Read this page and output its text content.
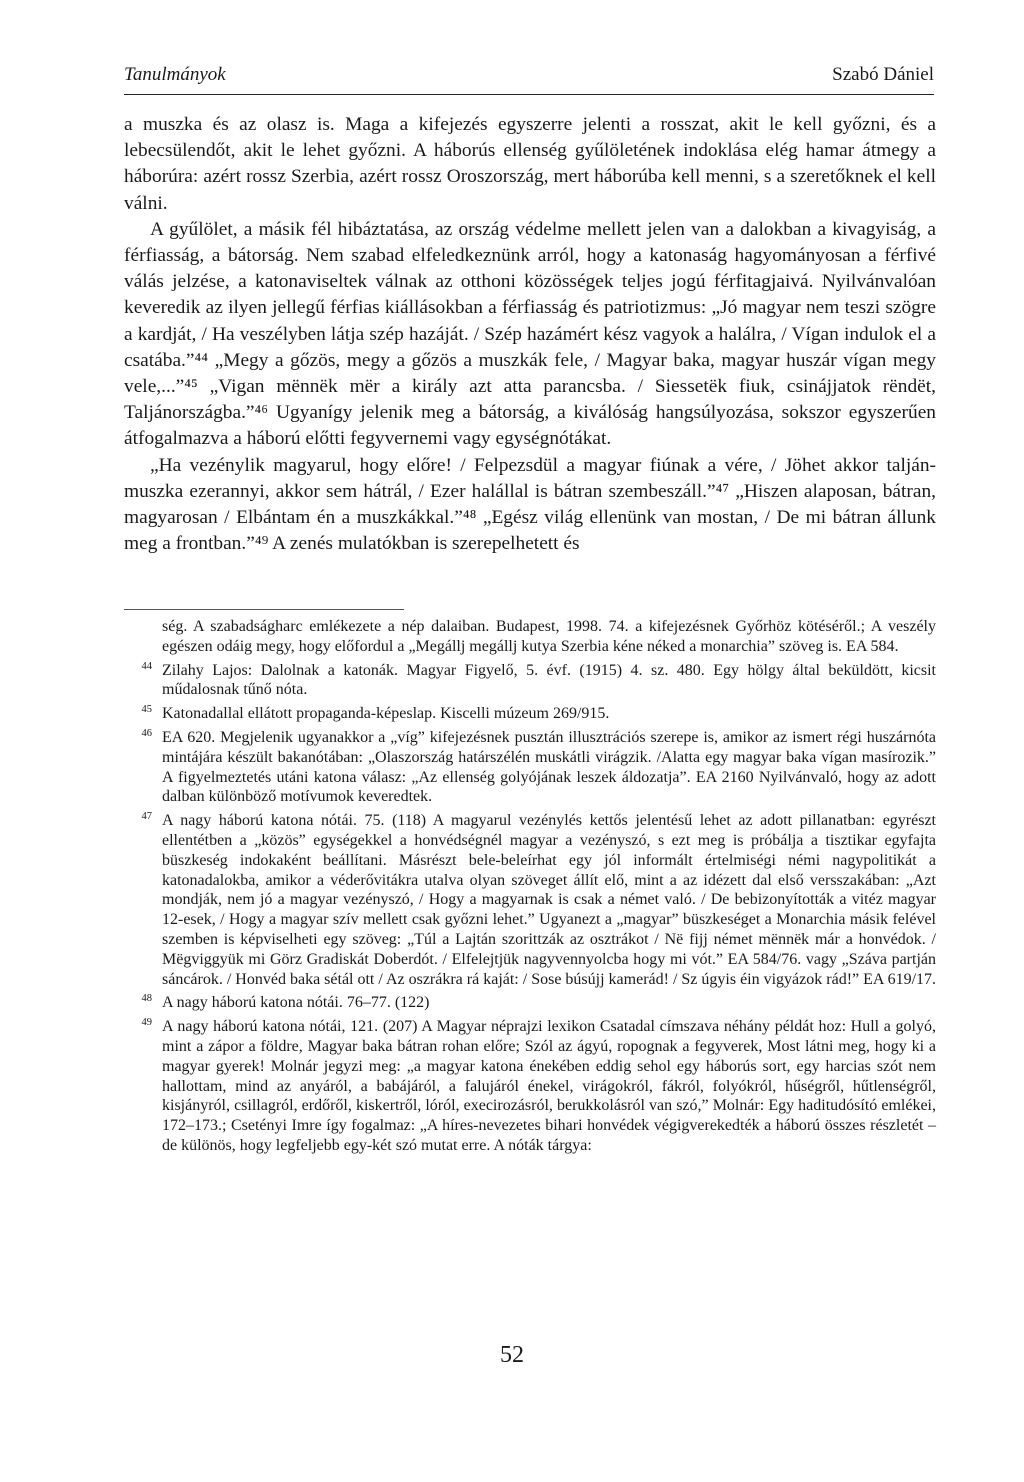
Tanulmányok	Szabó Dániel

a muszka és az olasz is. Maga a kifejezés egyszerre jelenti a rosszat, akit le kell győzni, és a lebecsülendőt, akit le lehet győzni. A háborús ellenség gyűlöletének indoklása elég hamar átmegy a háborúra: azért rossz Szerbia, azért rossz Oroszország, mert háborúba kell menni, s a szeretőknek el kell válni.

A gyűlölet, a másik fél hibáztatása, az ország védelme mellett jelen van a dalokban a kivagyiság, a férfiasság, a bátorság. Nem szabad elfeledkeznünk arról, hogy a katonaság hagyományosan a férfivé válás jelzése, a katonaviseltek válnak az otthoni közösségek teljes jogú férfitagjaivá. Nyilvánvalóan keveredik az ilyen jellegű férfias kiállásokban a férfiasság és patriotizmus: „Jó magyar nem teszi szögre a kardját, / Ha veszélyben látja szép hazáját. / Szép hazámért kész vagyok a halálra, / Vígan indulok el a csatába.”⁴⁴ „Megy a gőzös, megy a gőzös a muszkák fele, / Magyar baka, magyar huszár vígan megy vele,...”⁴⁵ „Vigan mënnëk mër a király azt atta parancsba. / Siessetëk fiuk, csinájjatok rëndët, Taljánországba.”⁴⁶ Ugyanígy jelenik meg a bátorság, a kiválóság hangsúlyozása, sokszor egyszerűen átfogalmazva a háború előtti fegyvernemi vagy egységnótákat.

„Ha vezénylik magyarul, hogy előre! / Felpezsdül a magyar fiúnak a vére, / Jöhet akkor talján-muszka ezerannyi, akkor sem hátrál, / Ezer halállal is bátran szembeszáll.”⁴⁷ „Hiszen alaposan, bátran, magyarosan / Elbántam én a muszkákkal.”⁴⁸ „Egész világ ellenünk van mostan, / De mi bátran állunk meg a frontban.”⁴⁹ A zenés mulatókban is szerepelhetett és

ség. A szabadságharc emlékezete a nép dalaiban. Budapest, 1998. 74. a kifejezésnek Győrhöz kötéséről.; A veszély egészen odáig megy, hogy előfordul a „Megállj megállj kutya Szerbia kéne néked a monarchia” szöveg is. EA 584.
44 Zilahy Lajos: Dalolnak a katonák. Magyar Figyelő, 5. évf. (1915) 4. sz. 480. Egy hölgy által beküldött, kicsit műdalosnak tűnő nóta.
45 Katonadallal ellátott propaganda-képeslap. Kiscelli múzeum 269/915.
46 EA 620. Megjelenik ugyanakkor a „víg” kifejezésnek pusztán illusztrációs szerepe is, amikor az ismert régi huszárnóta mintájára készült bakanótában: „Olaszország határszélén muskátli virágzik. /Alatta egy magyar baka vígan masírozik.” A figyelmeztetés utáni katona válasz: „Az ellenség golyójának leszek áldozatja”. EA 2160 Nyilvánvaló, hogy az adott dalban különböző motívumok keveredtek.
47 A nagy háború katona nótái. 75. (118) A magyarul vezénylés kettős jelentésű lehet az adott pillanatban: egyrészt ellentétben a „közös” egységekkel a honvédségnél magyar a vezényszó, s ezt meg is próbálja a tisztikar egyfajta büszkeség indokaként beállítani. Másrészt bele-beleírhat egy jól informált értelmiségi némi nagypolitikát a katonadalokba, amikor a véderővitákra utalva olyan szöveget állít elő, mint a az idézett dal első versszakában: „Azt mondják, nem jó a magyar vezényszó, / Hogy a magyarnak is csak a német való. / De bebizonyították a vitéz magyar 12-esek, / Hogy a magyar szív mellett csak győzni lehet.” Ugyanezt a „magyar” büszkeséget a Monarchia másik felével szemben is képviselheti egy szöveg: „Túl a Lajtán szorittzák az osztrákot / Në fijj német mënnëk már a honvédok. / Mëgviggyük mi Görz Gradiskát Doberdót. / Elfelejtjük nagyvennyolcba hogy mi vót.” EA 584/76. vagy „Száva partján sáncárok. / Honvéd baka sétál ott / Az oszrákra rá kaját: / Sose búsújj kamerád! / Sz úgyis éin vigyázok rád!” EA 619/17.
48 A nagy háború katona nótái. 76–77. (122)
49 A nagy háború katona nótái, 121. (207) A Magyar néprajzi lexikon Csatadal címszava néhány példát hoz: Hull a golyó, mint a zápor a földre, Magyar baka bátran rohan előre; Szól az ágyú, ropognak a fegyverek, Most látni meg, hogy ki a magyar gyerek! Molnár jegyzi meg: „a magyar katona énekében eddig sehol egy háborús sort, egy harcias szót nem hallottam, mind az anyáról, a babájáról, a falujáról énekel, virágokról, fákról, folyókról, hűségről, hűtlenségről, kisjányról, csillagról, erdőről, kiskertről, lóról, execirozásról, berukkolásról van szó,” Molnár: Egy haditudósító emlékei, 172–173.; Csetényi Imre így fogalmaz: „A híres-nevezetes bihari honvédek végigverekedték a háború összes részletét – de különös, hogy legfeljebb egy-két szó mutat erre. A nóták tárgya:
52
